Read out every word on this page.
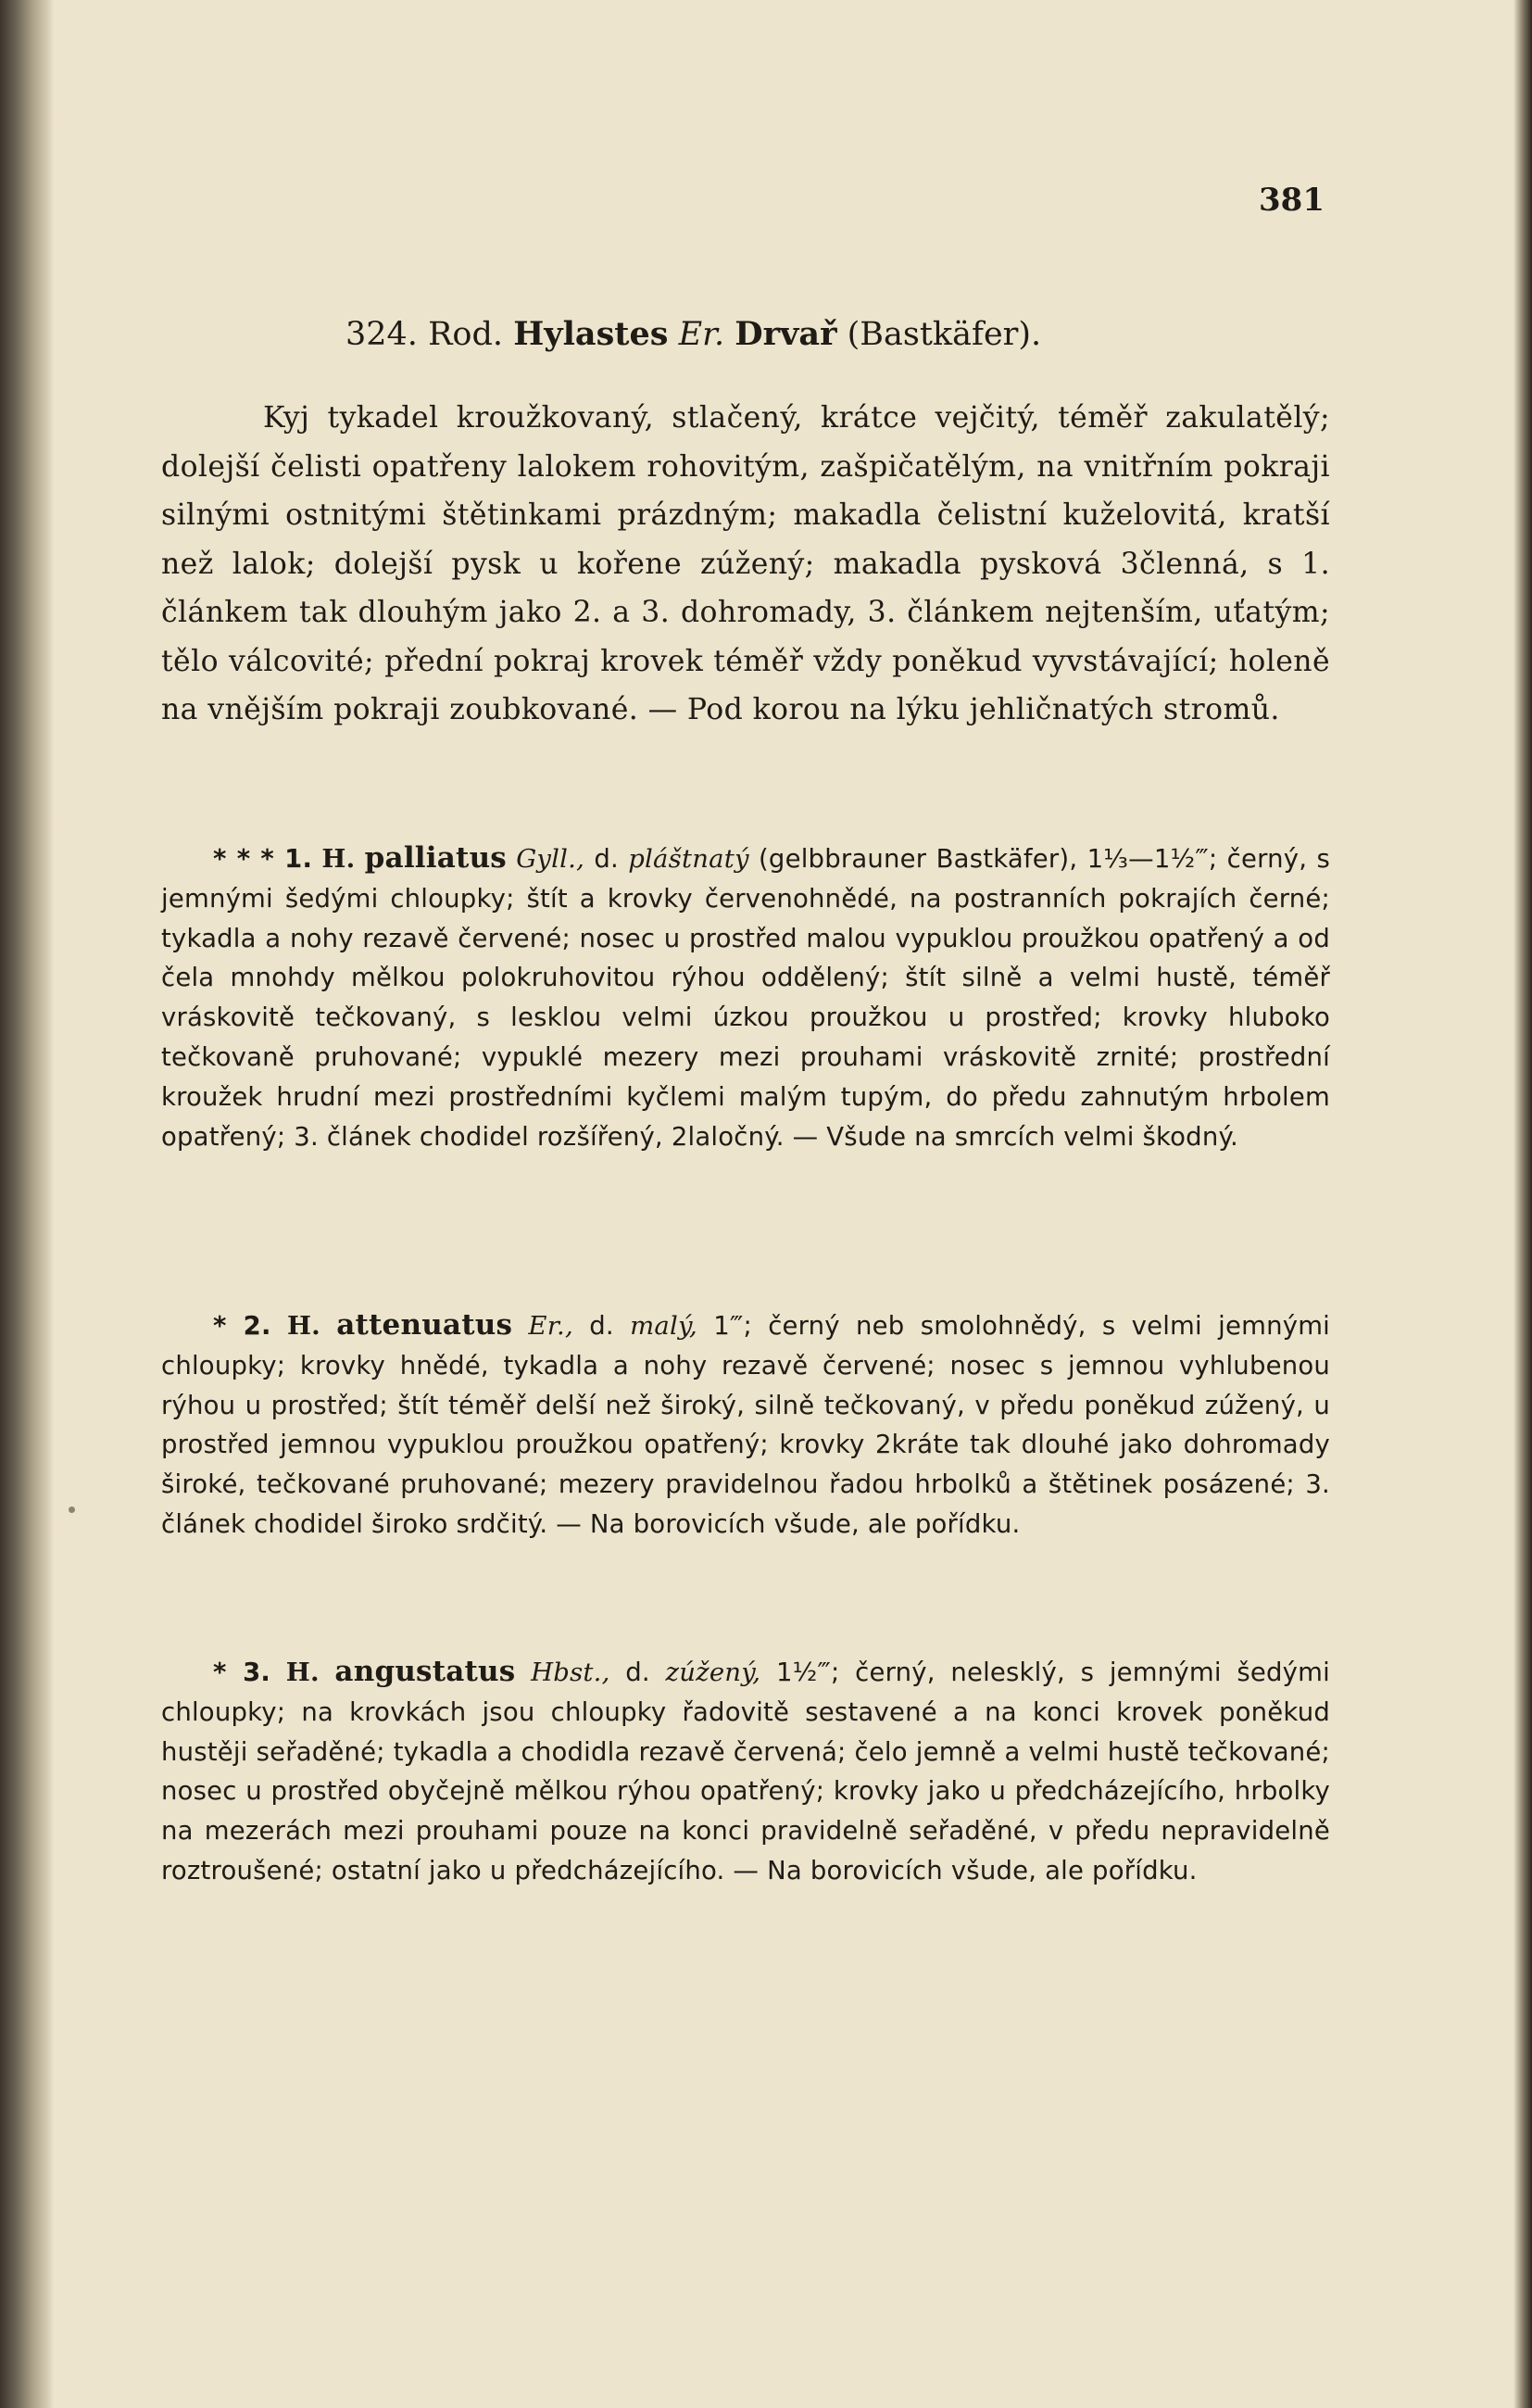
381
324. Rod. Hylastes Er. Drvař (Bastkäfer).

Kyj tykadel kroužkovaný, stlačený, krátce vejčitý, téměř zakulatělý; dolejší čelisti opatřeny lalokem rohovitým, zašpičatělým, na vnitřním pokraji silnými ostnitými štětinkami prázdným; makadla čelistní kuželovitá, kratší než lalok; dolejší pysk u kořene zúžený; makadla pysková 3členná, s 1. článkem tak dlouhým jako 2. a 3. dohromady, 3. článkem nejtenším, uťatým; tělo válcovité; přední pokraj krovek téměř vždy poněkud vyvstávající; holeně na vnějším pokraji zoubkované. — Pod korou na lýku jehličnatých stromů.

* * * 1. H. palliatus Gyll., d. pláštnatý (gelbbrauner Bastkäfer), 1⅓—1½‴; černý, s jemnými šedými chloupky; štít a krovky červenohnědé, na postranních pokrajích černé; tykadla a nohy rezavě červené; nosec u prostřed malou vypuklou proužkou opatřený a od čela mnohdy mělkou polokruhovitou rýhou oddělený; štít silně a velmi hustě, téměř vráskovitě tečkovaný, s lesklou velmi úzkou proužkou u prostřed; krovky hluboko tečkovaně pruhované; vypuklé mezery mezi prouhami vráskovitě zrnité; prostřední kroužek hrudní mezi prostředními kyčlemi malým tupým, do předu zahnutým hrbolem opatřený; 3. článek chodidel rozšířený, 2laločný. — Všude na smrcích velmi škodný.

* 2. H. attenuatus Er., d. malý, 1‴; černý neb smolohnědý, s velmi jemnými chloupky; krovky hnědé, tykadla a nohy rezavě červené; nosec s jemnou vyhlubenou rýhou u prostřed; štít téměř delší než široký, silně tečkovaný, v předu poněkud zúžený, u prostřed jemnou vypuklou proužkou opatřený; krovky 2kráte tak dlouhé jako dohromady široké, tečkované pruhované; mezery pravidelnou řadou hrbolků a štětinek posázené; 3. článek chodidel široko srdčitý. — Na borovicích všude, ale pořídku.

* 3. H. angustatus Hbst., d. zúžený, 1½‴; černý, nelesklý, s jemnými šedými chloupky; na krovkách jsou chloupky řadovitě sestavené a na konci krovek poněkud hustěji seřaděné; tykadla a chodidla rezavě červená; čelo jemně a velmi hustě tečkované; nosec u prostřed obyčejně mělkou rýhou opatřený; krovky jako u předcházejícího, hrbolky na mezerách mezi prouhami pouze na konci pravidelně seřaděné, v předu nepravidelně roztroušené; ostatní jako u předcházejícího. — Na borovicích všude, ale pořídku.
